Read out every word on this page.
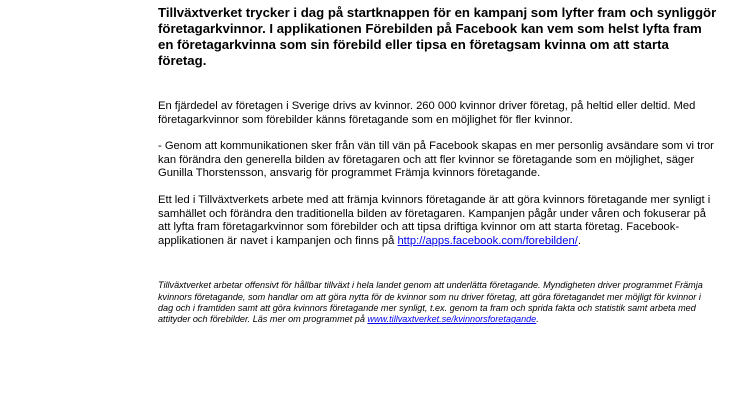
Tillväxtverket trycker i dag på startknappen för en kampanj som lyfter fram och synliggör företagarkvinnor. I applikationen Förebilden på Facebook kan vem som helst lyfta fram en företagarkvinna som sin förebild eller tipsa en företagsam kvinna om att starta företag.

En fjärdedel av företagen i Sverige drivs av kvinnor. 260 000 kvinnor driver företag, på heltid eller deltid. Med företagarkvinnor som förebilder känns företagande som en möjlighet för fler kvinnor.

- Genom att kommunikationen sker från vän till vän på Facebook skapas en mer personlig avsändare som vi tror kan förändra den generella bilden av företagaren och att fler kvinnor se företagande som en möjlighet, säger Gunilla Thorstensson, ansvarig för programmet Främja kvinnors företagande.

Ett led i Tillväxtverkets arbete med att främja kvinnors företagande är att göra kvinnors företagande mer synligt i samhället och förändra den traditionella bilden av företagaren. Kampanjen pågår under våren och fokuserar på att lyfta fram företagarkvinnor som förebilder och att tipsa driftiga kvinnor om att starta företag. Facebook-applikationen är navet i kampanjen och finns på http://apps.facebook.com/forebilden/.

Tillväxtverket arbetar offensivt för hållbar tillväxt i hela landet genom att underlätta företagande. Myndigheten driver programmet Främja kvinnors företagande, som handlar om att göra nytta för de kvinnor som nu driver företag, att göra företagandet mer möjligt för kvinnor i dag och i framtiden samt att göra kvinnors företagande mer synligt, t.ex. genom ta fram och sprida fakta och statistik samt arbeta med attityder och förebilder. Läs mer om programmet på www.tillvaxtverket.se/kvinnorsforetagande.
